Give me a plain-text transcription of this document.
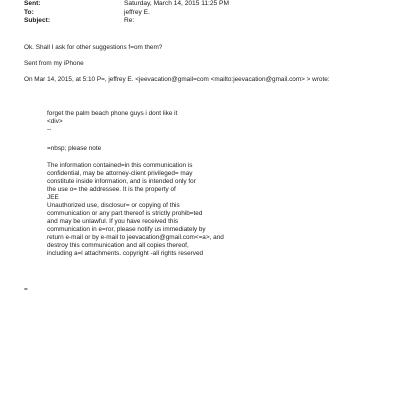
Sent:	Saturday, March 14, 2015 11:25 PM
To:	jeffrey E.
Subject:	Re:
Ok. Shall I ask for other suggestions f=om them?
Sent from my iPhone
On Mar 14, 2015, at 5:10 P=, jeffrey E. <jeevacation@gmail=com <mailto:jeevacation@gmail.com> > wrote:
forget the palm beach phone guys i dont like it
<div>
--
=nbsp; please note
The information contained=in this communication is
confidential, may be attorney-client privileged= may
constitute inside information, and is intended only for
the use o= the addressee. It is the property of
JEE
Unauthorized use, disclosur= or copying of this
communication or any part thereof is strictly prohib=ted
and may be unlawful. If you have received this
communication in e=ror, please notify us immediately by
return e-mail or by e-mail to jeevacation@gmail.com<=a>, and
destroy this communication and all copies thereof,
including a=l attachments. copyright -all rights reserved
=
